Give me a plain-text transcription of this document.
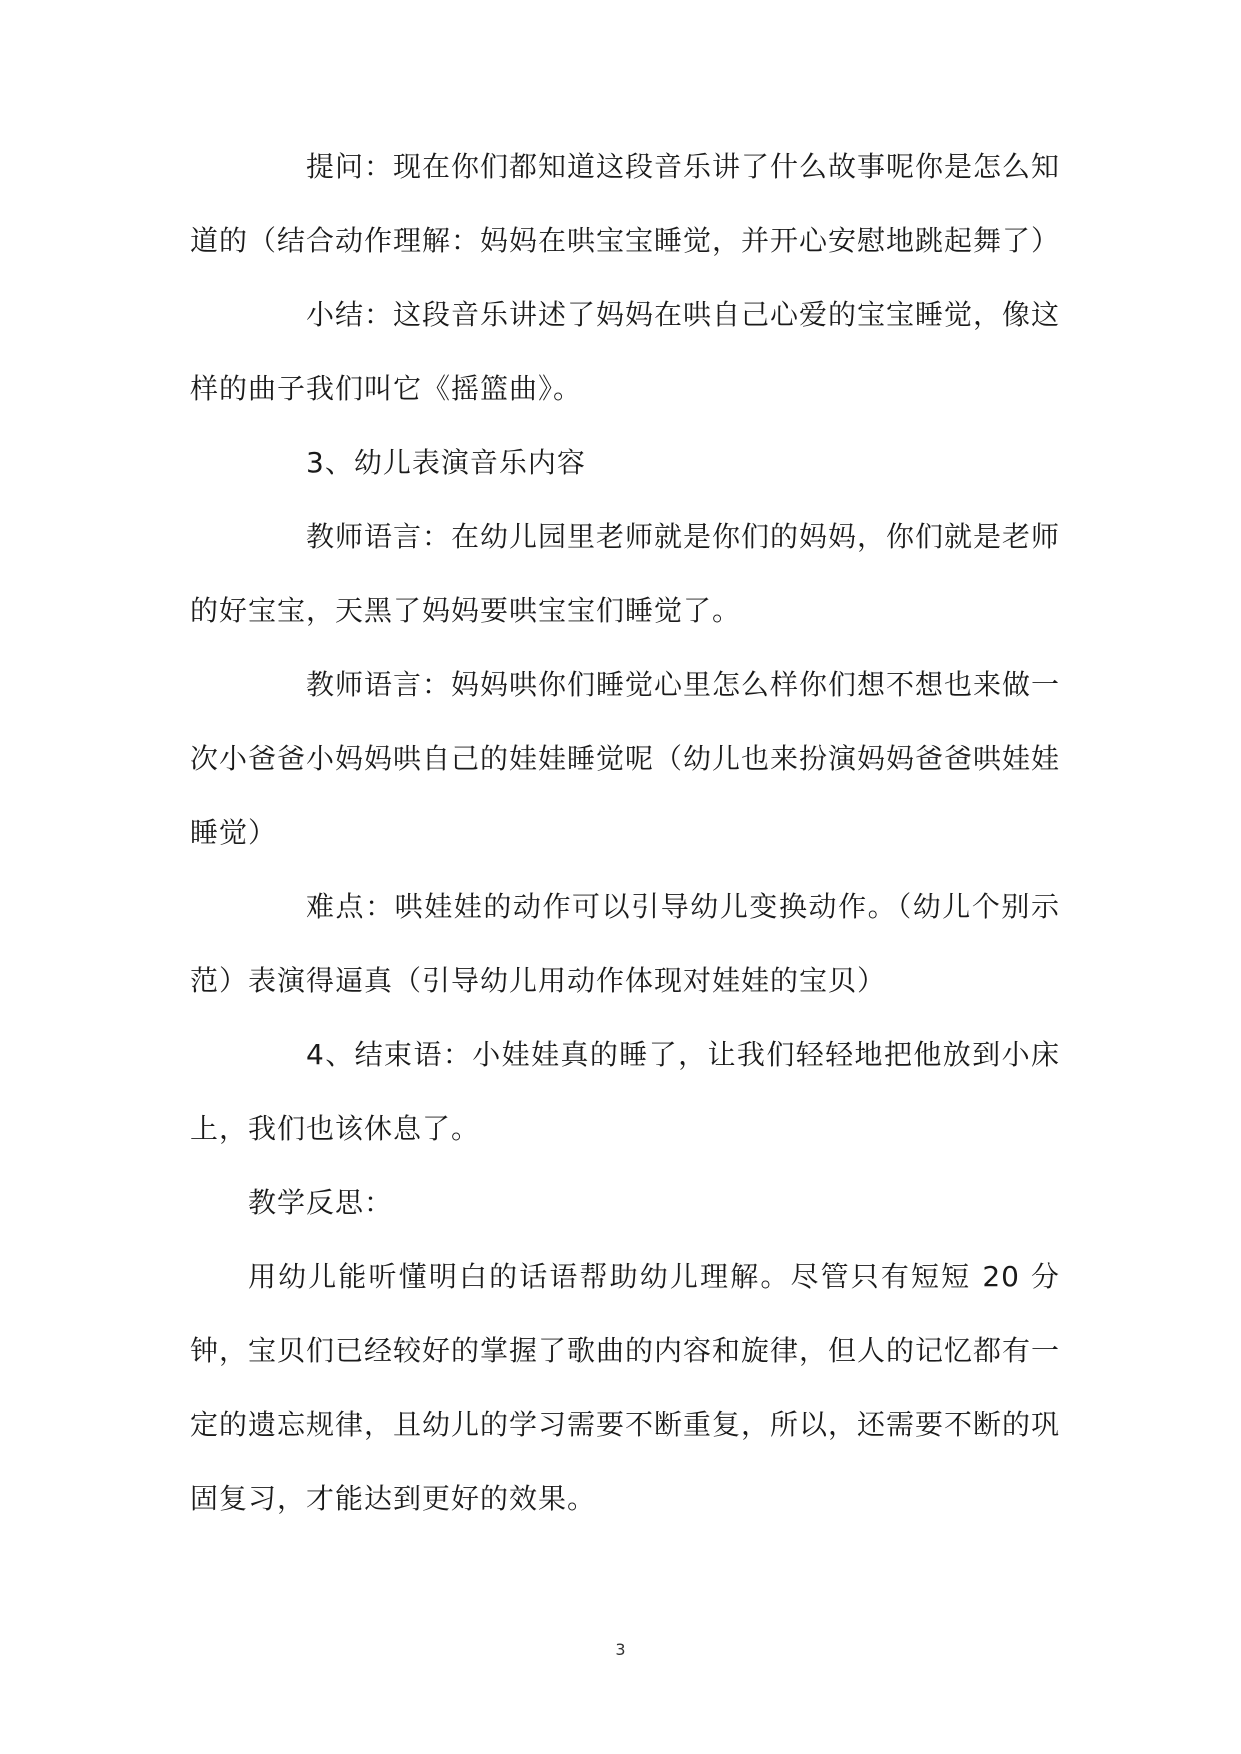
提问：现在你们都知道这段音乐讲了什么故事呢你是怎么知道的（结合动作理解：妈妈在哄宝宝睡觉，并开心安慰地跳起舞了）

小结：这段音乐讲述了妈妈在哄自己心爱的宝宝睡觉，像这样的曲子我们叫它《摇篮曲》。

3、幼儿表演音乐内容

教师语言：在幼儿园里老师就是你们的妈妈，你们就是老师的好宝宝，天黑了妈妈要哄宝宝们睡觉了。

教师语言：妈妈哄你们睡觉心里怎么样你们想不想也来做一次小爸爸小妈妈哄自己的娃娃睡觉呢（幼儿也来扮演妈妈爸爸哄娃娃睡觉）

难点：哄娃娃的动作可以引导幼儿变换动作。（幼儿个别示范）表演得逼真（引导幼儿用动作体现对娃娃的宝贝）

4、结束语：小娃娃真的睡了，让我们轻轻地把他放到小床上，我们也该休息了。

教学反思：

用幼儿能听懂明白的话语帮助幼儿理解。尽管只有短短 20 分钟，宝贝们已经较好的掌握了歌曲的内容和旋律，但人的记忆都有一定的遗忘规律，且幼儿的学习需要不断重复，所以，还需要不断的巩固复习，才能达到更好的效果。

3
